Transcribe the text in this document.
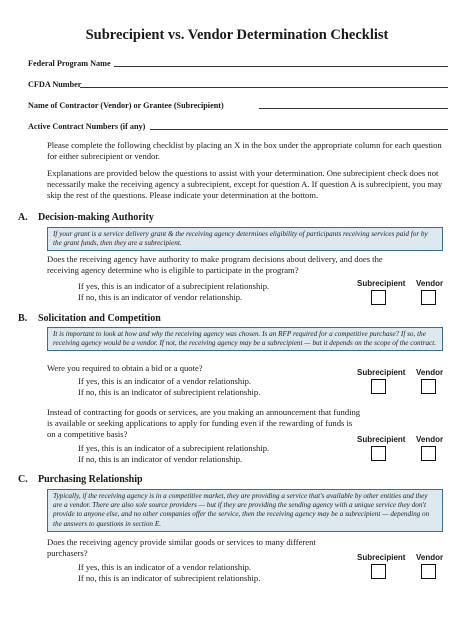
Subrecipient vs. Vendor Determination Checklist
Federal Program Name
CFDA Number
Name of Contractor (Vendor) or Grantee (Subrecipient)
Active Contract Numbers (if any)
Please complete the following checklist by placing an X in the box under the appropriate column for each question for either subrecipient or vendor.
Explanations are provided below the questions to assist with your determination. One subrecipient check does not necessarily make the receiving agency a subrecipient, except for question A. If question A is subrecipient, you may skip the rest of the questions. Please indicate your determination at the bottom.
A. Decision-making Authority
If your grant is a service delivery grant & the receiving agency determines eligibility of participants receiving services paid for by the grant funds, then they are a subrecipient.
Does the receiving agency have authority to make program decisions about delivery, and does the receiving agency determine who is eligible to participate in the program?
If yes, this is an indicator of a subrecipient relationship.
If no, this is an indicator of vendor relationship.
Subrecipient Vendor
B. Solicitation and Competition
It is important to look at how and why the receiving agency was chosen. Is an RFP required for a competitive purchase? If so, the receiving agency would be a vendor. If not, the receiving agency may be a subrecipient — but it depends on the scope of the contract.
Were you required to obtain a bid or a quote?
If yes, this is an indicator of a vendor relationship.
If no, this is an indicator of subrecipient relationship.
Subrecipient Vendor
Instead of contracting for goods or services, are you making an announcement that funding is available or seeking applications to apply for funding even if the rewarding of funds is on a competitive basis?
If yes, this is an indicator of a subrecipient relationship.
If no, this is an indicator of vendor relationship.
Subrecipient Vendor
C. Purchasing Relationship
Typically, if the receiving agency is in a competitive market, they are providing a service that's available by other entities and they are a vendor. There are also sole source providers — but if they are providing the sending agency with a unique service they don't provide to anyone else, and no other companies offer the service, then the receiving agency may be a subrecipient — depending on the answers to questions in section E.
Does the receiving agency provide similar goods or services to many different purchasers?
If yes, this is an indicator of a vendor relationship.
If no, this is an indicator of subrecipient relationship.
Subrecipient Vendor
